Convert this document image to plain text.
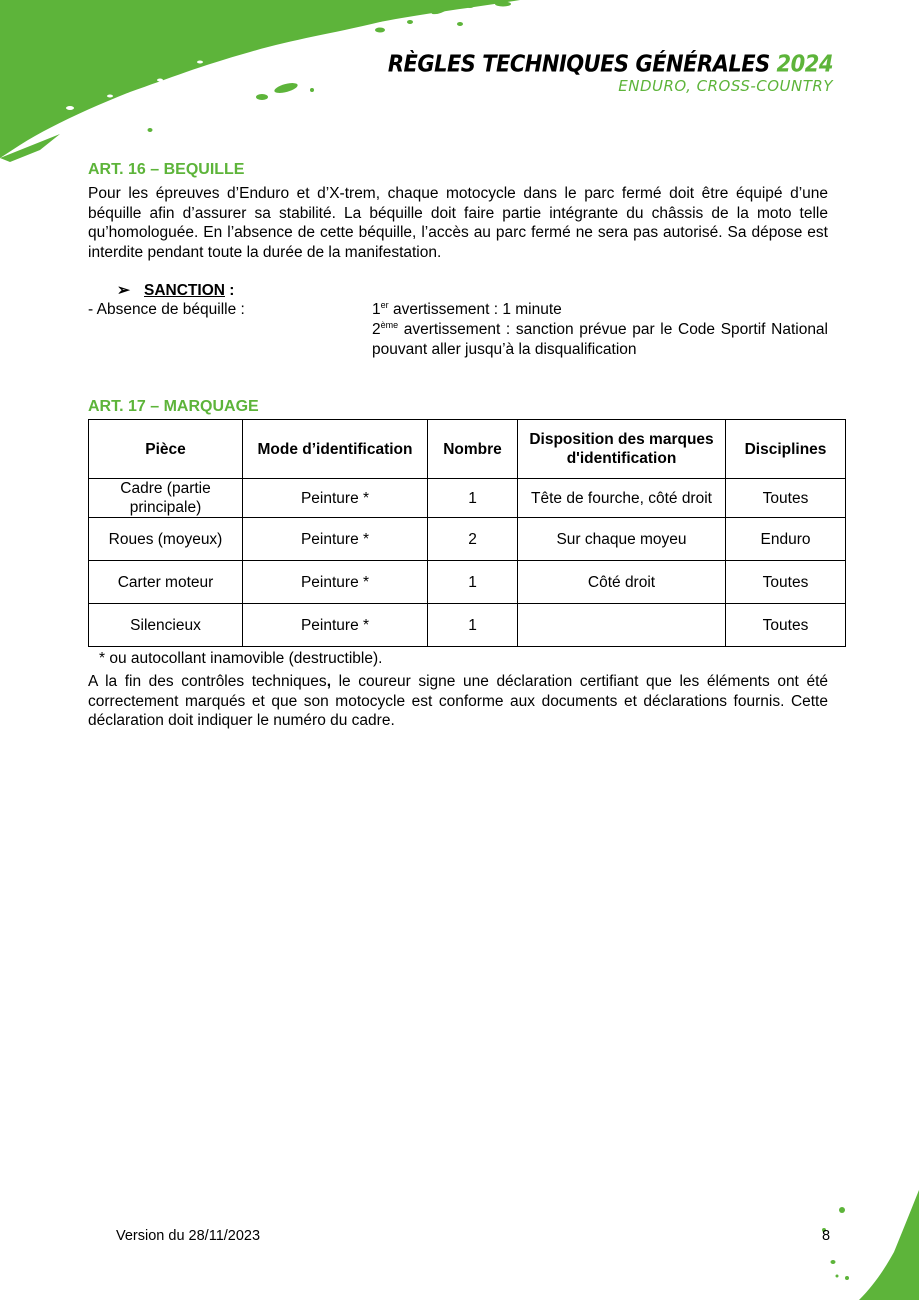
RÈGLES TECHNIQUES GÉNÉRALES 2024
ENDURO, CROSS-COUNTRY
ART. 16 – BEQUILLE

Pour les épreuves d’Enduro et d’X-trem, chaque motocycle dans le parc fermé doit être équipé d’une béquille afin d’assurer sa stabilité. La béquille doit faire partie intégrante du châssis de la moto telle qu’homologuée. En l’absence de cette béquille, l’accès au parc fermé ne sera pas autorisé. Sa dépose est interdite pendant toute la durée de la manifestation.

➢ SANCTION :
- Absence de béquille :	1er avertissement : 1 minute
2ème avertissement : sanction prévue par le Code Sportif National pouvant aller jusqu’à la disqualification
ART. 17 – MARQUAGE
Pièce	Mode d’identification	Nombre	Disposition des marques d'identification	Disciplines
Cadre (partie principale)	Peinture *	1	Tête de fourche, côté droit	Toutes
Roues (moyeux)	Peinture *	2	Sur chaque moyeu	Enduro
Carter moteur	Peinture *	1	Côté droit	Toutes
Silencieux	Peinture *	1		Toutes
* ou autocollant inamovible (destructible).

A la fin des contrôles techniques, le coureur signe une déclaration certifiant que les éléments ont été correctement marqués et que son motocycle est conforme aux documents et déclarations fournis. Cette déclaration doit indiquer le numéro du cadre.

Version du 28/11/2023	8
